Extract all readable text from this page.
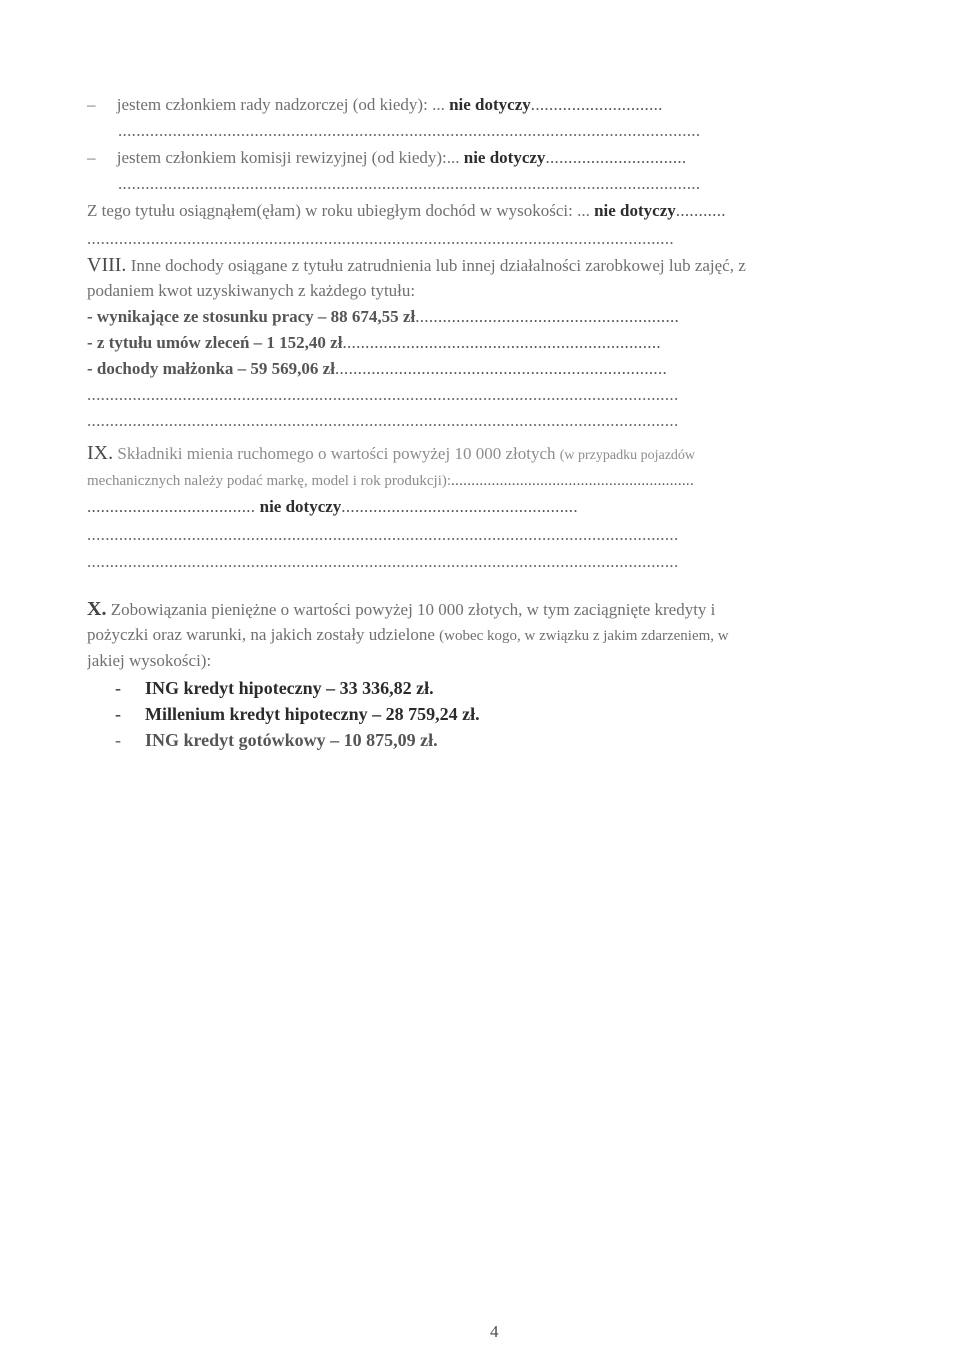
– jestem członkiem rady nadzorczej (od kiedy): ... nie dotyczy.............................
................................................................................................................................
– jestem członkiem komisji rewizyjnej (od kiedy):... nie dotyczy...............................
................................................................................................................................
Z tego tytułu osiągnąłem(ęłam) w roku ubiegłym dochód w wysokości: ... nie dotyczy...........
.................................................................................................................................
VIII. Inne dochody osiągane z tytułu zatrudnienia lub innej działalności zarobkowej lub zajęć, z
podaniem kwot uzyskiwanych z każdego tytułu:
- wynikające ze stosunku pracy – 88 674,55 zł..........................................................
- z tytułu umów zleceń – 1 152,40 zł......................................................................
- dochody małżonka – 59 569,06 zł.........................................................................
..................................................................................................................................
..................................................................................................................................
IX. Składniki mienia ruchomego o wartości powyżej 10 000 złotych (w przypadku pojazdów
mechanicznych należy podać markę, model i rok produkcji):............................................................
..................................... nie dotyczy....................................................
..................................................................................................................................
..................................................................................................................................
X. Zobowiązania pieniężne o wartości powyżej 10 000 złotych, w tym zaciągnięte kredyty i
pożyczki oraz warunki, na jakich zostały udzielone (wobec kogo, w związku z jakim zdarzeniem, w
jakiej wysokości):
- ING kredyt hipoteczny – 33 336,82 zł.
- Millenium kredyt hipoteczny – 28 759,24 zł.
- ING kredyt gotówkowy – 10 875,09 zł.
4
